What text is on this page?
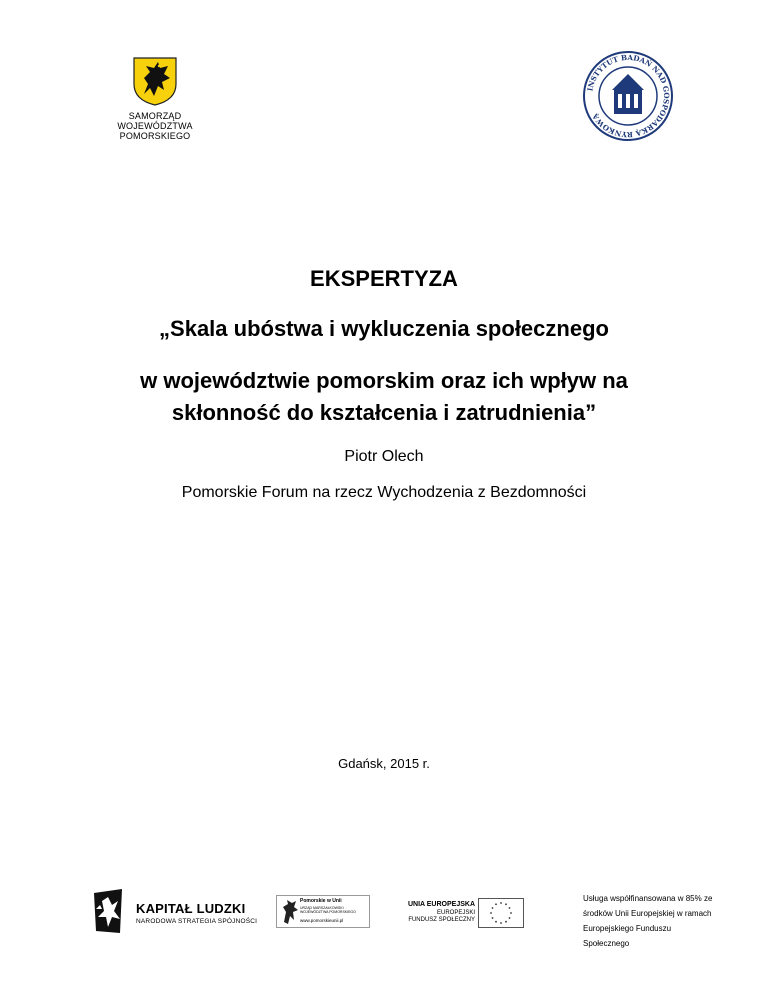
SAMORZĄD
WOJEWÓDZTWA POMORSKIEGO
INSTYTUT BADAŃ NAD GOSPODARKĄ RYNKOWĄ
EKSPERTYZA
„Skala ubóstwa i wykluczenia społecznego
w województwie pomorskim oraz ich wpływ na
skłonność do kształcenia i zatrudnienia”
Piotr Olech
Pomorskie Forum na rzecz Wychodzenia z Bezdomności
Gdańsk, 2015 r.
KAPITAŁ LUDZKI
NARODOWA STRATEGIA SPÓJNOŚCI
Pomorskie w Unii
URZĄD MARSZAŁKOWSKI WOJEWÓDZTWA POMORSKIEGO
www.pomorskieunii.pl
UNIA EUROPEJSKA
EUROPEJSKI
FUNDUSZ SPOŁECZNY
Usługa współfinansowana w 85% ze
środków Unii Europejskiej w ramach
Europejskiego Funduszu
Społecznego
